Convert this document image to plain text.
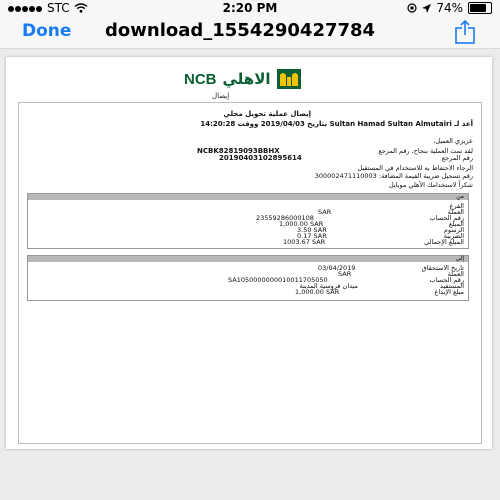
STC	2:20 PM	74%
Done download_1554290427784
NCB الاهلي
إيصال
إيصال عملية تحويل محلي
أعد لـ Sultan Hamad Sultan Almutairi بتاريخ 2019/04/03 ووقت 14:20:28
عزيزي العميل،
لقد تمت العملية بنجاح، رقم المرجع
NCBK82819093BBHX
رقم المرجع
20190403102895614
الرجاء الاحتفاظ به للاستخدام في المستقبل
رقم تسجيل ضريبة القيمة المضافة: 300002471110003
شكراً لاستخدامك الأهلي موبايل
من
الفرع
العملة
SAR
رقم الحساب
23559286000108
المبلغ
1,000.00 SAR
الرسوم
3.50 SAR
الضريبة
0.17 SAR
المبلغ الإجمالي
1003.67 SAR
إلى
تاريخ الاستحقاق
03/04/2019
العملة
SAR
رقم الحساب
SA1050000000010011705050
المستفيد
ميدان فروسية المدينة
مبلغ الإيداع
1,000.00 SAR
